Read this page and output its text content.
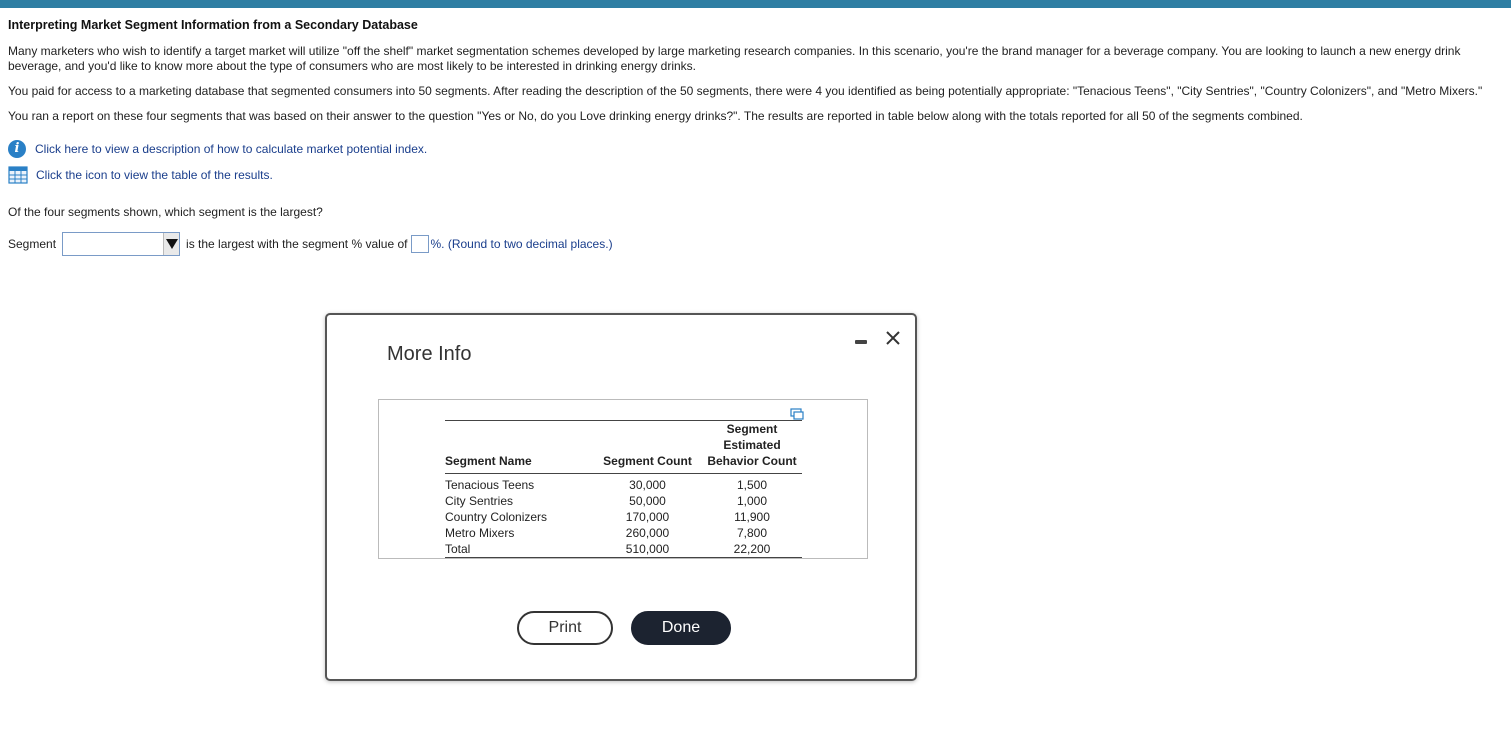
Interpreting Market Segment Information from a Secondary Database

Many marketers who wish to identify a target market will utilize "off the shelf" market segmentation schemes developed by large marketing research companies. In this scenario, you're the brand manager for a beverage company. You are looking to launch a new energy drink beverage, and you'd like to know more about the type of consumers who are most likely to be interested in drinking energy drinks.

You paid for access to a marketing database that segmented consumers into 50 segments. After reading the description of the 50 segments, there were 4 you identified as being potentially appropriate: "Tenacious Teens", "City Sentries", "Country Colonizers", and "Metro Mixers."

You ran a report on these four segments that was based on their answer to the question "Yes or No, do you Love drinking energy drinks?". The results are reported in table below along with the totals reported for all 50 of the segments combined.

i	Click here to view a description of how to calculate market potential index.
Click the icon to view the table of the results.
Of the four segments shown, which segment is the largest?
Segment	is the largest with the segment % value of %. (Round to two decimal places.)
More Info
Segment Name	Segment Count	Segment
Estimated
Behavior Count

Tenacious Teens	30,000	1,500
City Sentries	50,000	1,000
Country Colonizers	170,000	11,900
Metro Mixers	260,000	7,800
Total	510,000	22,200
Print	Done
